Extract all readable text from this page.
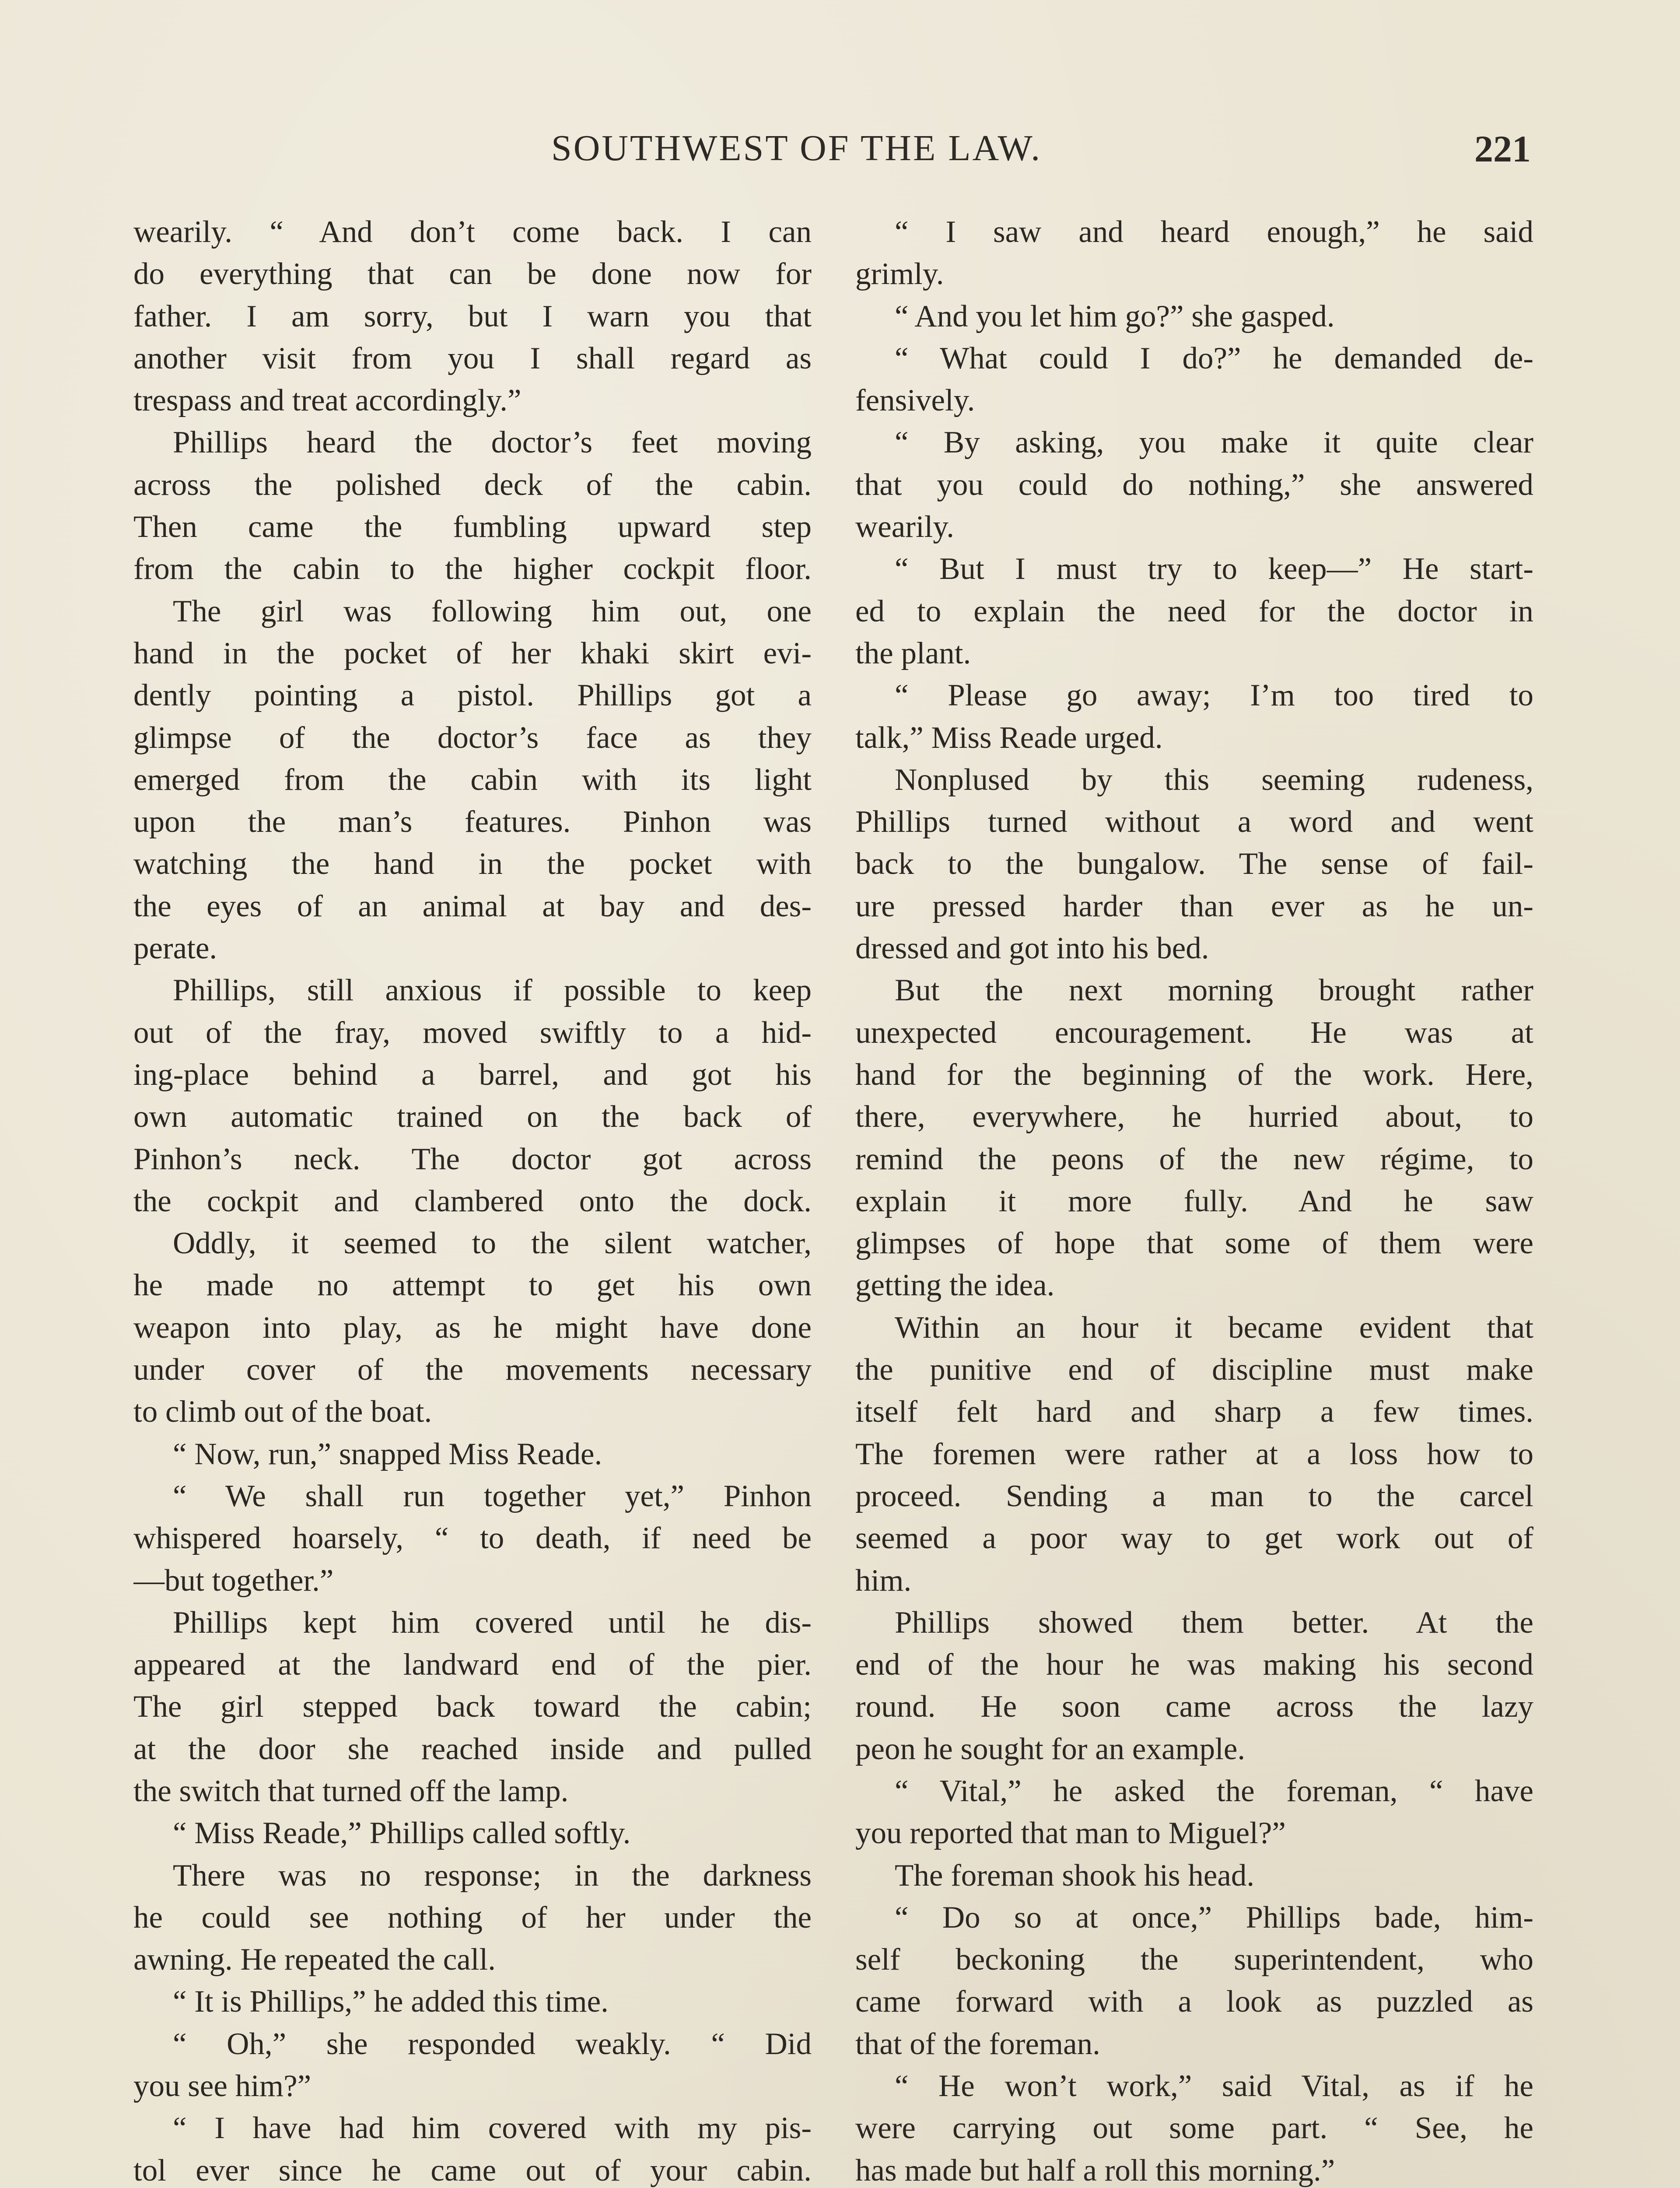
SOUTHWEST OF THE LAW.	221
wearily. “ And don’t come back. I can
do everything that can be done now for
father. I am sorry, but I warn you that
another visit from you I shall regard as
trespass and treat accordingly.”
Phillips heard the doctor’s feet moving
across the polished deck of the cabin.
Then came the fumbling upward step
from the cabin to the higher cockpit floor.
The girl was following him out, one
hand in the pocket of her khaki skirt evi-
dently pointing a pistol. Phillips got a
glimpse of the doctor’s face as they
emerged from the cabin with its light
upon the man’s features. Pinhon was
watching the hand in the pocket with
the eyes of an animal at bay and des-
perate.
Phillips, still anxious if possible to keep
out of the fray, moved swiftly to a hid-
ing-place behind a barrel, and got his
own automatic trained on the back of
Pinhon’s neck. The doctor got across
the cockpit and clambered onto the dock.
Oddly, it seemed to the silent watcher,
he made no attempt to get his own
weapon into play, as he might have done
under cover of the movements necessary
to climb out of the boat.
“ Now, run,” snapped Miss Reade.
“ We shall run together yet,” Pinhon
whispered hoarsely, “ to death, if need be
—but together.”
Phillips kept him covered until he dis-
appeared at the landward end of the pier.
The girl stepped back toward the cabin;
at the door she reached inside and pulled
the switch that turned off the lamp.
“ Miss Reade,” Phillips called softly.
There was no response; in the darkness
he could see nothing of her under the
awning. He repeated the call.
“ It is Phillips,” he added this time.
“ Oh,” she responded weakly. “ Did
you see him?”
“ I have had him covered with my pis-
tol ever since he came out of your cabin.
“ I saw and heard enough,” he said
grimly.
“ And you let him go?” she gasped.
“ What could I do?” he demanded de-
fensively.
“ By asking, you make it quite clear
that you could do nothing,” she answered
wearily.
“ But I must try to keep—” He start-
ed to explain the need for the doctor in
the plant.
“ Please go away; I’m too tired to
talk,” Miss Reade urged.
Nonplused by this seeming rudeness,
Phillips turned without a word and went
back to the bungalow. The sense of fail-
ure pressed harder than ever as he un-
dressed and got into his bed.
But the next morning brought rather
unexpected encouragement. He was at
hand for the beginning of the work. Here,
there, everywhere, he hurried about, to
remind the peons of the new régime, to
explain it more fully. And he saw
glimpses of hope that some of them were
getting the idea.
Within an hour it became evident that
the punitive end of discipline must make
itself felt hard and sharp a few times.
The foremen were rather at a loss how to
proceed. Sending a man to the carcel
seemed a poor way to get work out of
him.
Phillips showed them better. At the
end of the hour he was making his second
round. He soon came across the lazy
peon he sought for an example.
“ Vital,” he asked the foreman, “ have
you reported that man to Miguel?”
The foreman shook his head.
“ Do so at once,” Phillips bade, him-
self beckoning the superintendent, who
came forward with a look as puzzled as
that of the foreman.
“ He won’t work,” said Vital, as if he
were carrying out some part. “ See, he
has made but half a roll this morning.”
